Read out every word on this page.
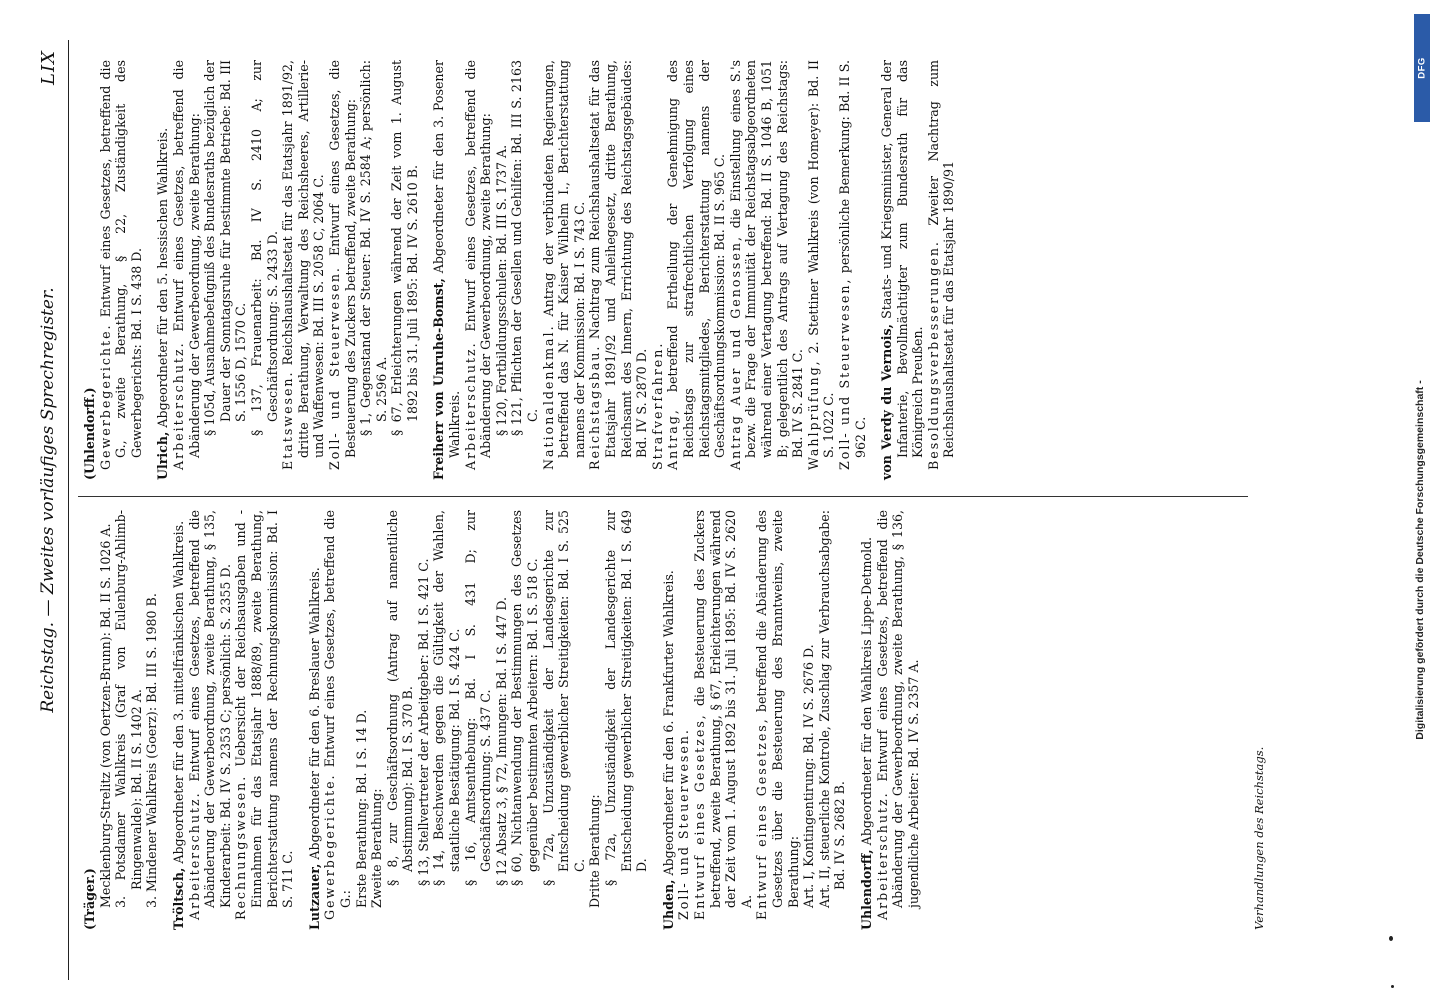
Reichstag. — Zweites vorläufiges Sprechregister.
LIX
(Träger.) Mecklenburg-Strelitz (von Oertzen-Brunn): Bd. II S. 1026 A. 3. Potsdamer Wahlkreis (Graf von Eulenburg-Ahlimb-Ringenwalde): Bd. II S. 1402 A. 3. Mindener Wahlkreis (Goerz): Bd. III S. 1980 B. Tröltsch, Abgeordneter für den 3. mittelfränkischen Wahlkreis. Arbeiterschutz. Entwurf eines Gesetzes, betreffend die Abänderung der Gewerbeordnung, zweite Berathung, § 135, Kinderarbeit: Bd. IV S. 2353 C; persönlich: S. 2355 D. Rechnungswesen. Uebersicht der Reichsausgaben und -Einnahmen für das Etatsjahr 1888/89, zweite Berathung, Berichterstattung namens der Rechnungskommission: Bd. I S. 711 C. Lutzauer, Abgeordneter für den 6. Breslauer Wahlkreis. Gewerbegerichte. Entwurf eines Gesetzes, betreffend die G.: Erste Berathung: Bd. I S. 14 D. Zweite Berathung: § 8, zur Geschäftsordnung (Antrag auf namentliche Abstimmung): Bd. I S. 370 B. § 13, Stellvertreter der Arbeitgeber: Bd. I S. 421 C. § 14, Beschwerden gegen die Gültigkeit der Wahlen, staatliche Bestätigung: Bd. I S. 424 C. § 16, Amtsenthebung: Bd. I S. 431 D; zur Geschäftsordnung: S. 437 C. § 12 Absatz 3, § 72, Innungen: Bd. I S. 447 D. § 60, Nichtanwendung der Bestimmungen des Gesetzes gegenüber bestimmten Arbeitern: Bd. I S. 518 C. § 72a, Unzuständigkeit der Landesgerichte zur Entscheidung gewerblicher Streitigkeiten: Bd. I S. 525 C. Dritte Berathung: § 72a, Unzuständigkeit der Landesgerichte zur Entscheidung gewerblicher Streitigkeiten: Bd. I S. 649 D.
Uhden, Abgeordneter für den 6. Frankfurter Wahlkreis. Zoll- und Steuerwesen. Entwurf eines Gesetzes, die Besteuerung des Zuckers betreffend, zweite Berathung, § 67, Erleichterungen während der Zeit vom 1. August 1892 bis 31. Juli 1895: Bd. IV S. 2620 A. Entwurf eines Gesetzes, betreffend die Abänderung des Gesetzes über die Besteuerung des Branntweins, zweite Berathung: Art. I, Kontingentirung: Bd. IV S. 2676 D. Art. II, steuerliche Kontrole, Zuschlag zur Verbrauchsabgabe: Bd. IV S. 2682 B. Uhlendorff, Abgeordneter für den Wahlkreis Lippe-Detmold.
Arbeiterschutz. Entwurf eines Gesetzes, betreffend die Abänderung der Gewerbeordnung, zweite Berathung, § 136, jugendliche Arbeiter: Bd. IV S. 2357 A.
(Uhlendorff.) Gewerbegerichte. Entwurf eines Gesetzes, betreffend die G., zweite Berathung, § 22, Zuständigkeit des Gewerbegerichts: Bd. I S. 438 D. Ulrich, Abgeordneter für den 5. hessischen Wahlkreis. Arbeiterschutz. Entwurf eines Gesetzes, betreffend die Abänderung der Gewerbeordnung, zweite Berathung: § 105d, Ausnahmebefugniß des Bundesraths bezüglich der Dauer der Sonntagsruhe für bestimmte Betriebe: Bd. III S. 1556 D, 1570 C. § 137, Frauenarbeit: Bd. IV S. 2410 A; zur Geschäftsordnung: S. 2433 D. Etatswesen. Reichshaushaltsetat für das Etatsjahr 1891/92, dritte Berathung, Verwaltung des Reichsheeres, Artillerie- und Waffenwesen: Bd. III S. 2058 C, 2064 C. Zoll- und Steuerwesen. Entwurf eines Gesetzes, die Besteuerung des Zuckers betreffend, zweite Berathung: § 1, Gegenstand der Steuer: Bd. IV S. 2584 A; persönlich: S. 2596 A. § 67, Erleichterungen während der Zeit vom 1. August 1892 bis 31. Juli 1895: Bd. IV S. 2610 B. Freiherr von Unruhe-Bomst, Abgeordneter für den 3. Posener Wahlkreis. Arbeiterschutz. Entwurf eines Gesetzes, betreffend die Abänderung der Gewerbeordnung, zweite Berathung: § 120, Fortbildungsschulen: Bd. III S. 1737 A. § 121, Pflichten der Gesellen und Gehilfen: Bd. III S. 2163 C. Nationaldenkmal. Antrag der verbündeten Regierungen, betreffend das N. für Kaiser Wilhelm I., Berichterstattung namens der Kommission: Bd. I S. 743 C. Reichstagsbau. Nachtrag zum Reichshaushaltsetat für das Etatsjahr 1891/92 und Anleihegesetz, dritte Berathung, Reichsamt des Innern, Errichtung des Reichstagsgebäudes: Bd. IV S. 2870 D. Strafverfahren. Antrag, betreffend Ertheilung der Genehmigung des Reichstags zur strafrechtlichen Verfolgung eines Reichstagsmitgliedes, Berichterstattung namens der Geschäftsordnungskommission: Bd. II S. 965 C. Antrag Auer und Genossen, die Einstellung eines S.'s bezw. die Frage der Immunität der Reichstagsabgeordneten während einer Vertagung betreffend: Bd. II S. 1046 B, 1051 B; gelegentlich des Antrags auf Vertagung des Reichstags: Bd. IV S. 2841 C. Wahlprüfung, 2. Stettiner Wahlkreis (von Homeyer): Bd. II S. 1022 C. Zoll- und Steuerwesen, persönliche Bemerkung: Bd. II S. 962 C. von Verdy du Vernois, Staats- und Kriegsminister, General der Infanterie, Bevollmächtigter zum Bundesrath für das Königreich Preußen. Besoldungsverbesserungen. Zweiter Nachtrag zum Reichshaushaltsetat für das Etatsjahr 1890/91
Verhandlungen des Reichstags.
Digitalisierung gefördert durch die Deutsche Forschungsgemeinschaft -
DFG
